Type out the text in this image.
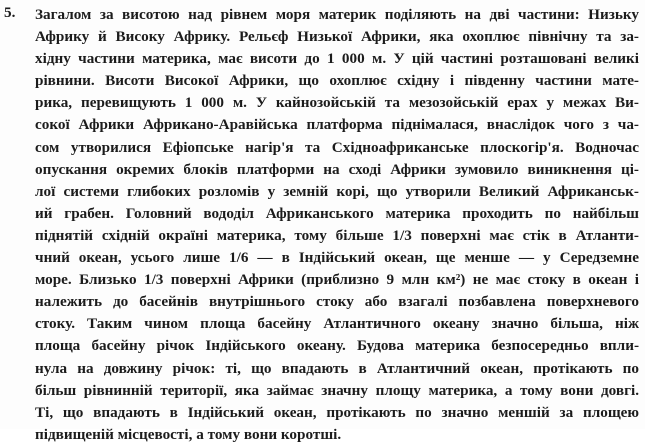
5. Загалом за висотою над рівнем моря материк поділяють на дві частини: Низьку
Африку й Високу Африку. Рельєф Низької Африки, яка охоплює північну та за-
хідну частини материка, має висоти до 1 000 м. У цій частині розташовані великі
рівнини. Висоти Високої Африки, що охоплює східну і південну частини мате-
рика, перевищують 1 000 м. У кайнозойській та мезозойській ерах у межах Ви-
сокої Африки Африкано-Аравійська платформа піднімалася, внаслідок чого з ча-
сом утворилися Ефіопське нагір'я та Східноафриканське плоскогір'я. Водночас
опускання окремих блоків платформи на сході Африки зумовило виникнення ці-
лої системи глибоких розломів у земній корі, що утворили Великий Африканськ-
ий грабен. Головний вододіл Африканського материка проходить по найбільш
піднятій східній окраїні материка, тому більше 1/3 поверхні має стік в Атланти-
чний океан, усього лише 1/6 — в Індійський океан, ще менше — у Середземне
море. Близько 1/3 поверхні Африки (приблизно 9 млн км²) не має стоку в океан і
належить до басейнів внутрішнього стоку або взагалі позбавлена поверхневого
стоку. Таким чином площа басейну Атлантичного океану значно більша, ніж
площа басейну річок Індійського океану. Будова материка безпосередньо впли-
нула на довжину річок: ті, що впадають в Атлантичний океан, протікають по
більш рівнинній території, яка займає значну площу материка, а тому вони довгі.
Ті, що впадають в Індійський океан, протікають по значно меншій за площею
підвищеній місцевості, а тому вони коротші.
